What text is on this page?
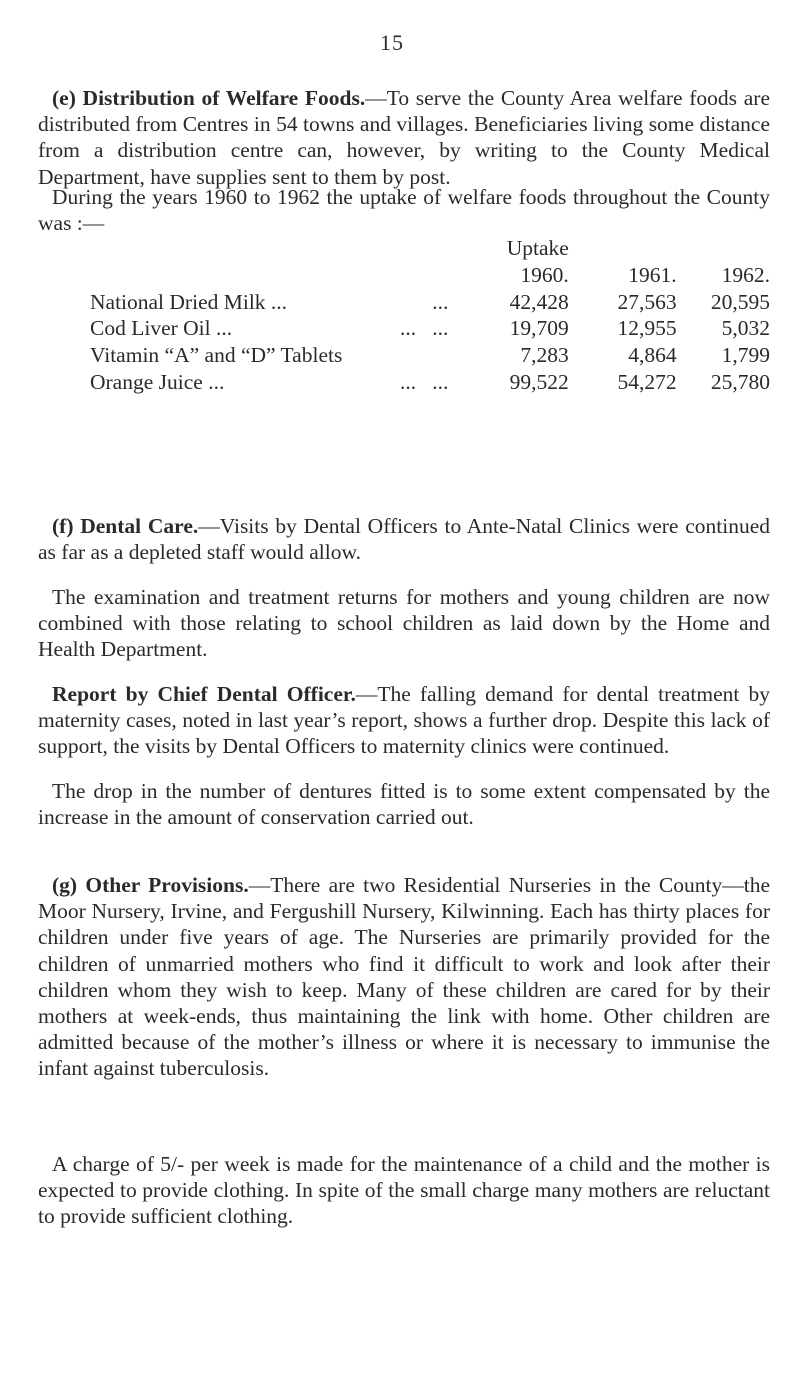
15

(e) Distribution of Welfare Foods.—To serve the County Area welfare foods are distributed from Centres in 54 towns and villages. Beneficiaries living some distance from a distribution centre can, however, by writing to the County Medical Department, have supplies sent to them by post.

During the years 1960 to 1962 the uptake of welfare foods throughout the County was :—

	Uptake		
	1960.	1961.	1962.
National Dried Milk ... ...	42,428	27,563	20,595
Cod Liver Oil ... ...   ...	19,709	12,955	5,032
Vitamin “A” and “D” Tablets	7,283	4,864	1,799
Orange Juice ... ...   ...	99,522	54,272	25,780

(f) Dental Care.—Visits by Dental Officers to Ante-Natal Clinics were continued as far as a depleted staff would allow.

The examination and treatment returns for mothers and young children are now combined with those relating to school children as laid down by the Home and Health Department.

Report by Chief Dental Officer.—The falling demand for dental treatment by maternity cases, noted in last year’s report, shows a further drop. Despite this lack of support, the visits by Dental Officers to maternity clinics were continued.

The drop in the number of dentures fitted is to some extent compensated by the increase in the amount of conservation carried out.

(g) Other Provisions.—There are two Residential Nurseries in the County—the Moor Nursery, Irvine, and Fergushill Nursery, Kilwinning. Each has thirty places for children under five years of age. The Nurseries are primarily provided for the children of unmarried mothers who find it difficult to work and look after their children whom they wish to keep. Many of these children are cared for by their mothers at week-ends, thus maintaining the link with home. Other children are admitted because of the mother’s illness or where it is necessary to immunise the infant against tuberculosis.

A charge of 5/- per week is made for the maintenance of a child and the mother is expected to provide clothing. In spite of the small charge many mothers are reluctant to provide sufficient clothing.
